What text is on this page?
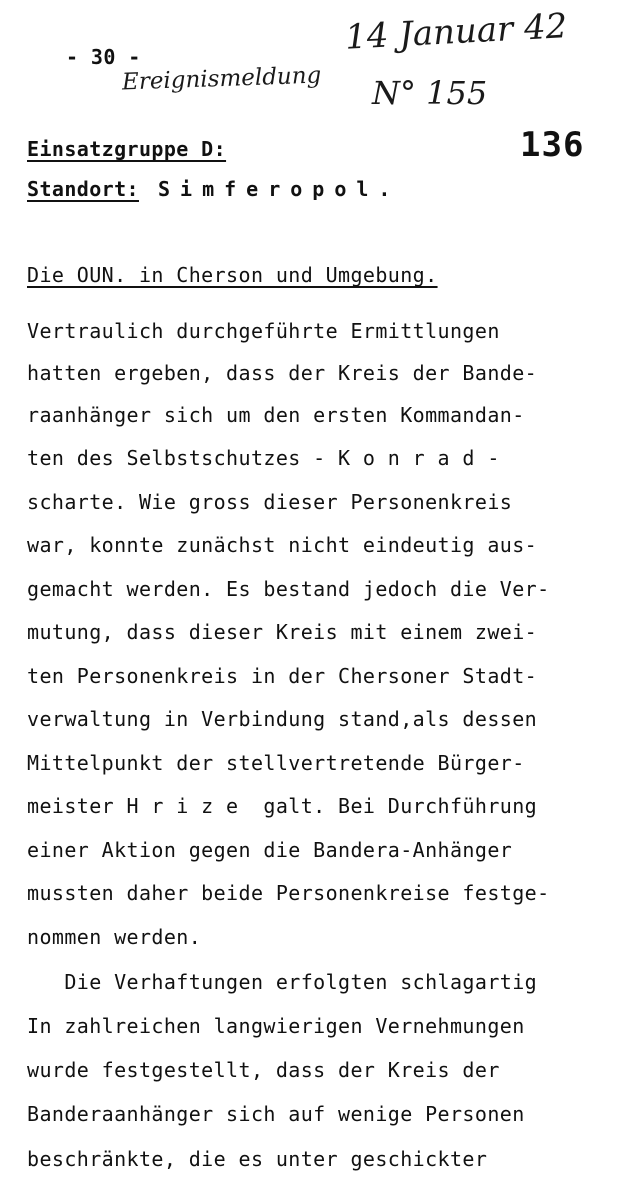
- 30 -	14 Januar 42
Ereignismeldung N° 155
136
Einsatzgruppe D:
Standort: Simferopol.
Die OUN. in Cherson und Umgebung.
Vertraulich durchgeführte Ermittlungen
hatten ergeben, dass der Kreis der Bande-
raanhänger sich um den ersten Kommandan-
ten des Selbstschutzes - K o n r a d -
scharte. Wie gross dieser Personenkreis
war, konnte zunächst nicht eindeutig aus-
gemacht werden. Es bestand jedoch die Ver-
mutung, dass dieser Kreis mit einem zwei-
ten Personenkreis in der Chersoner Stadt-
verwaltung in Verbindung stand,als dessen
Mittelpunkt der stellvertretende Bürger-
meister H r i z e  galt. Bei Durchführung
einer Aktion gegen die Bandera-Anhänger
mussten daher beide Personenkreise festge-
nommen werden.
Die Verhaftungen erfolgten schlagartig
In zahlreichen langwierigen Vernehmungen
wurde festgestellt, dass der Kreis der
Banderaanhänger sich auf wenige Personen
beschränkte, die es unter geschickter
